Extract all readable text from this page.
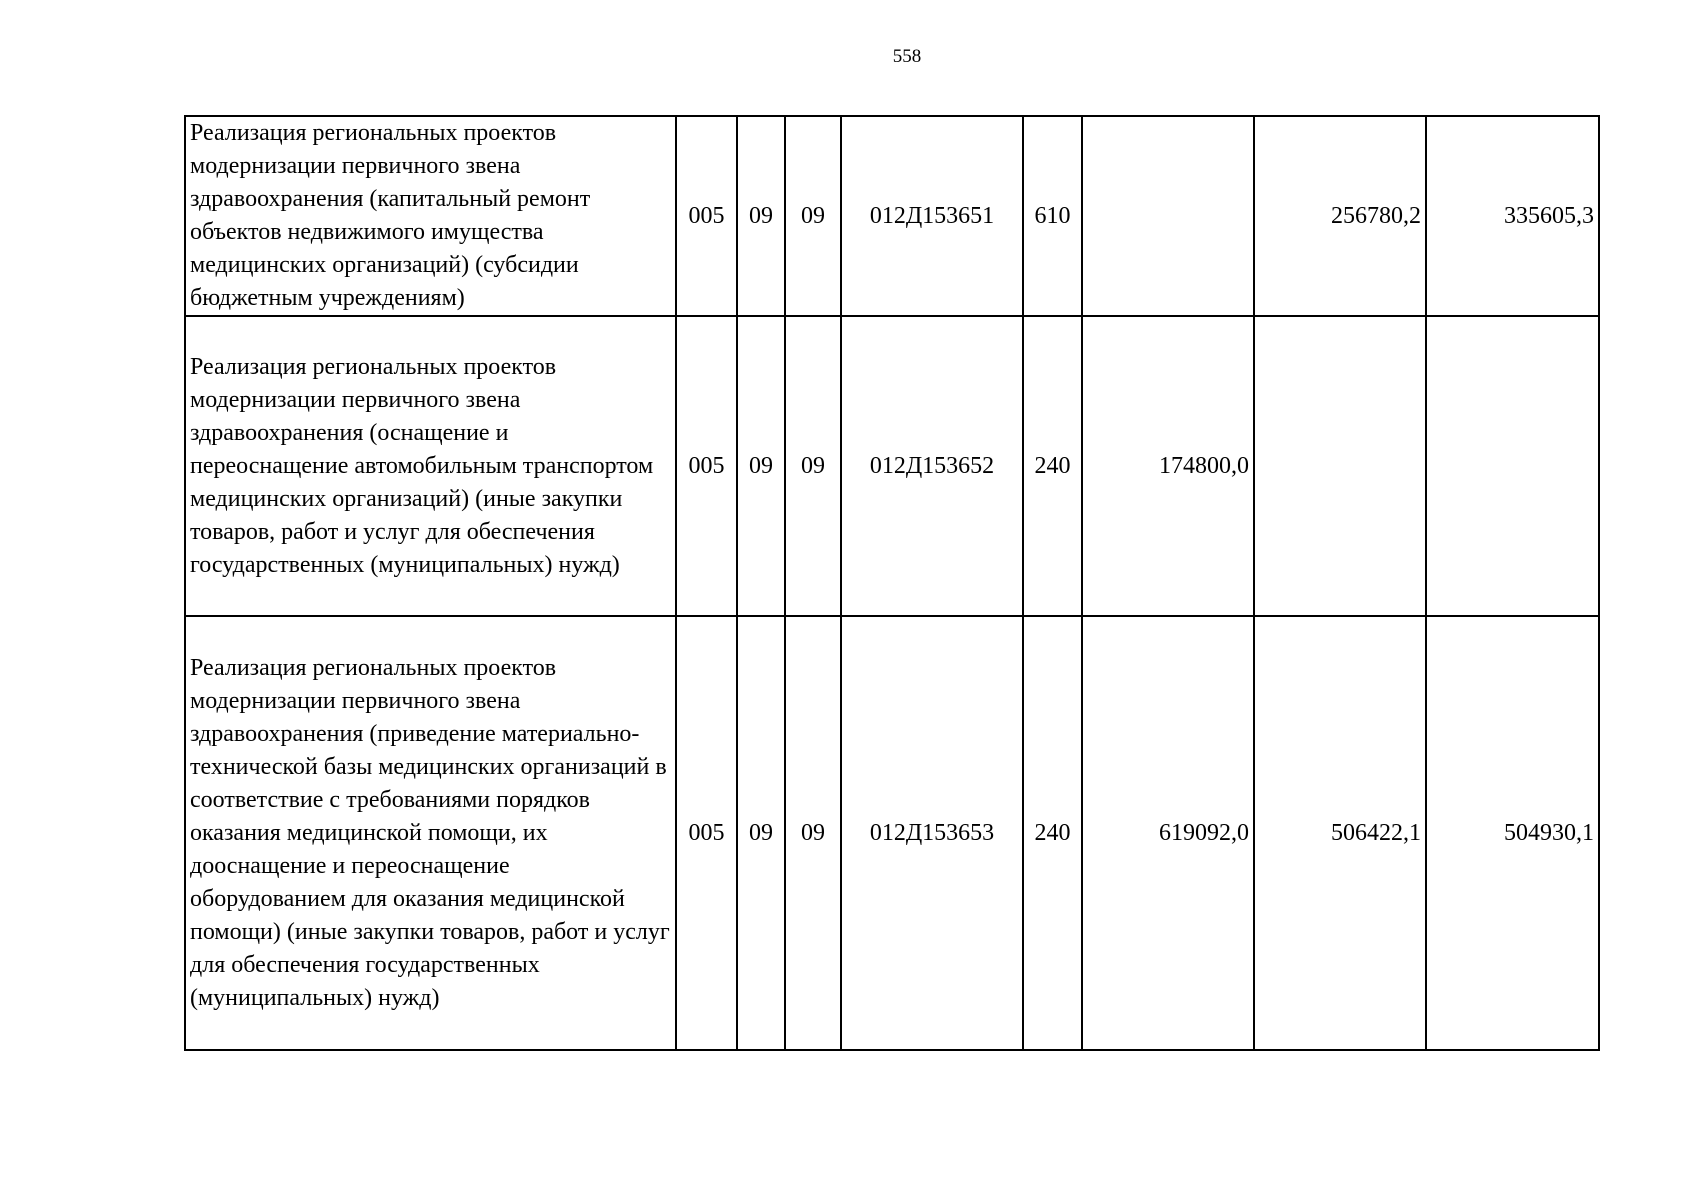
558
Реализация региональных проектов модернизации первичного звена здравоохранения (капитальный ремонт объектов недвижимого имущества медицинских организаций) (субсидии бюджетным учреждениям)	005	09	09	012Д153651	610		256780,2	335605,3
Реализация региональных проектов модернизации первичного звена здравоохранения (оснащение и переоснащение автомобильным транспортом медицинских организаций) (иные закупки товаров, работ и услуг для обеспечения государственных (муниципальных) нужд)	005	09	09	012Д153652	240	174800,0		
Реализация региональных проектов модернизации первичного звена здравоохранения (приведение материально-технической базы медицинских организаций в соответствие с требованиями порядков оказания медицинской помощи, их дооснащение и переоснащение оборудованием для оказания медицинской помощи) (иные закупки товаров, работ и услуг для обеспечения государственных (муниципальных) нужд)	005	09	09	012Д153653	240	619092,0	506422,1	504930,1
